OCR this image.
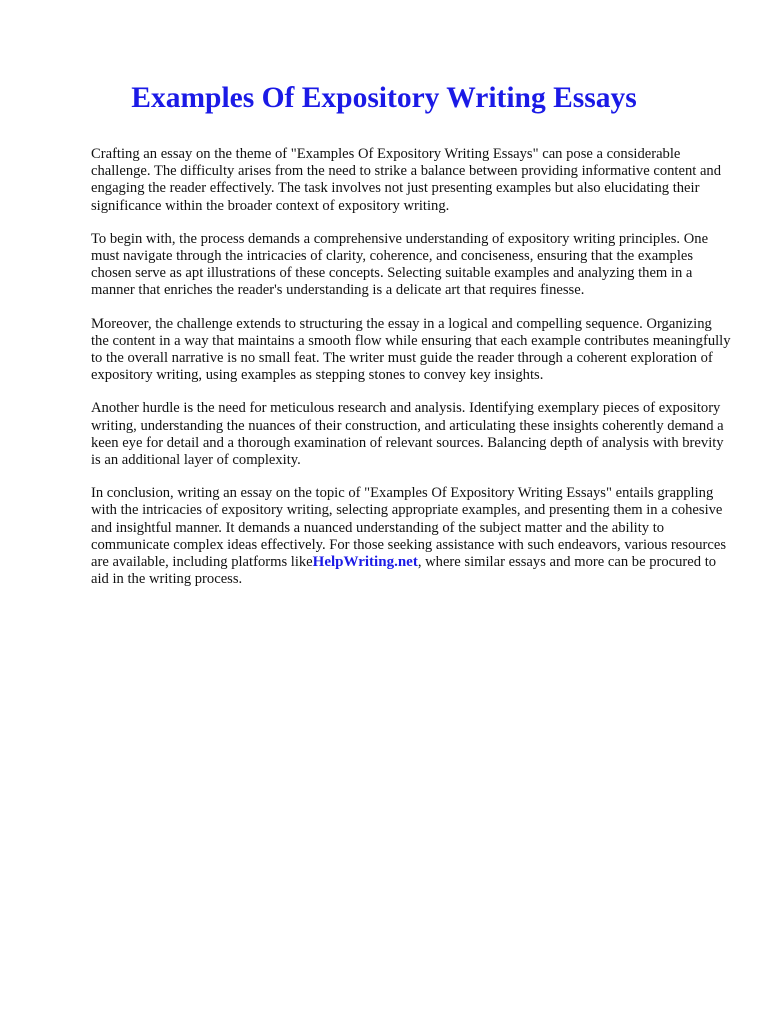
Examples Of Expository Writing Essays

Crafting an essay on the theme of "Examples Of Expository Writing Essays" can pose a considerable challenge. The difficulty arises from the need to strike a balance between providing informative content and engaging the reader effectively. The task involves not just presenting examples but also elucidating their significance within the broader context of expository writing.

To begin with, the process demands a comprehensive understanding of expository writing principles. One must navigate through the intricacies of clarity, coherence, and conciseness, ensuring that the examples chosen serve as apt illustrations of these concepts. Selecting suitable examples and analyzing them in a manner that enriches the reader's understanding is a delicate art that requires finesse.

Moreover, the challenge extends to structuring the essay in a logical and compelling sequence. Organizing the content in a way that maintains a smooth flow while ensuring that each example contributes meaningfully to the overall narrative is no small feat. The writer must guide the reader through a coherent exploration of expository writing, using examples as stepping stones to convey key insights.

Another hurdle is the need for meticulous research and analysis. Identifying exemplary pieces of expository writing, understanding the nuances of their construction, and articulating these insights coherently demand a keen eye for detail and a thorough examination of relevant sources. Balancing depth of analysis with brevity is an additional layer of complexity.

In conclusion, writing an essay on the topic of "Examples Of Expository Writing Essays" entails grappling with the intricacies of expository writing, selecting appropriate examples, and presenting them in a cohesive and insightful manner. It demands a nuanced understanding of the subject matter and the ability to communicate complex ideas effectively. For those seeking assistance with such endeavors, various resources are available, including platforms likeHelpWriting.net, where similar essays and more can be procured to aid in the writing process.
